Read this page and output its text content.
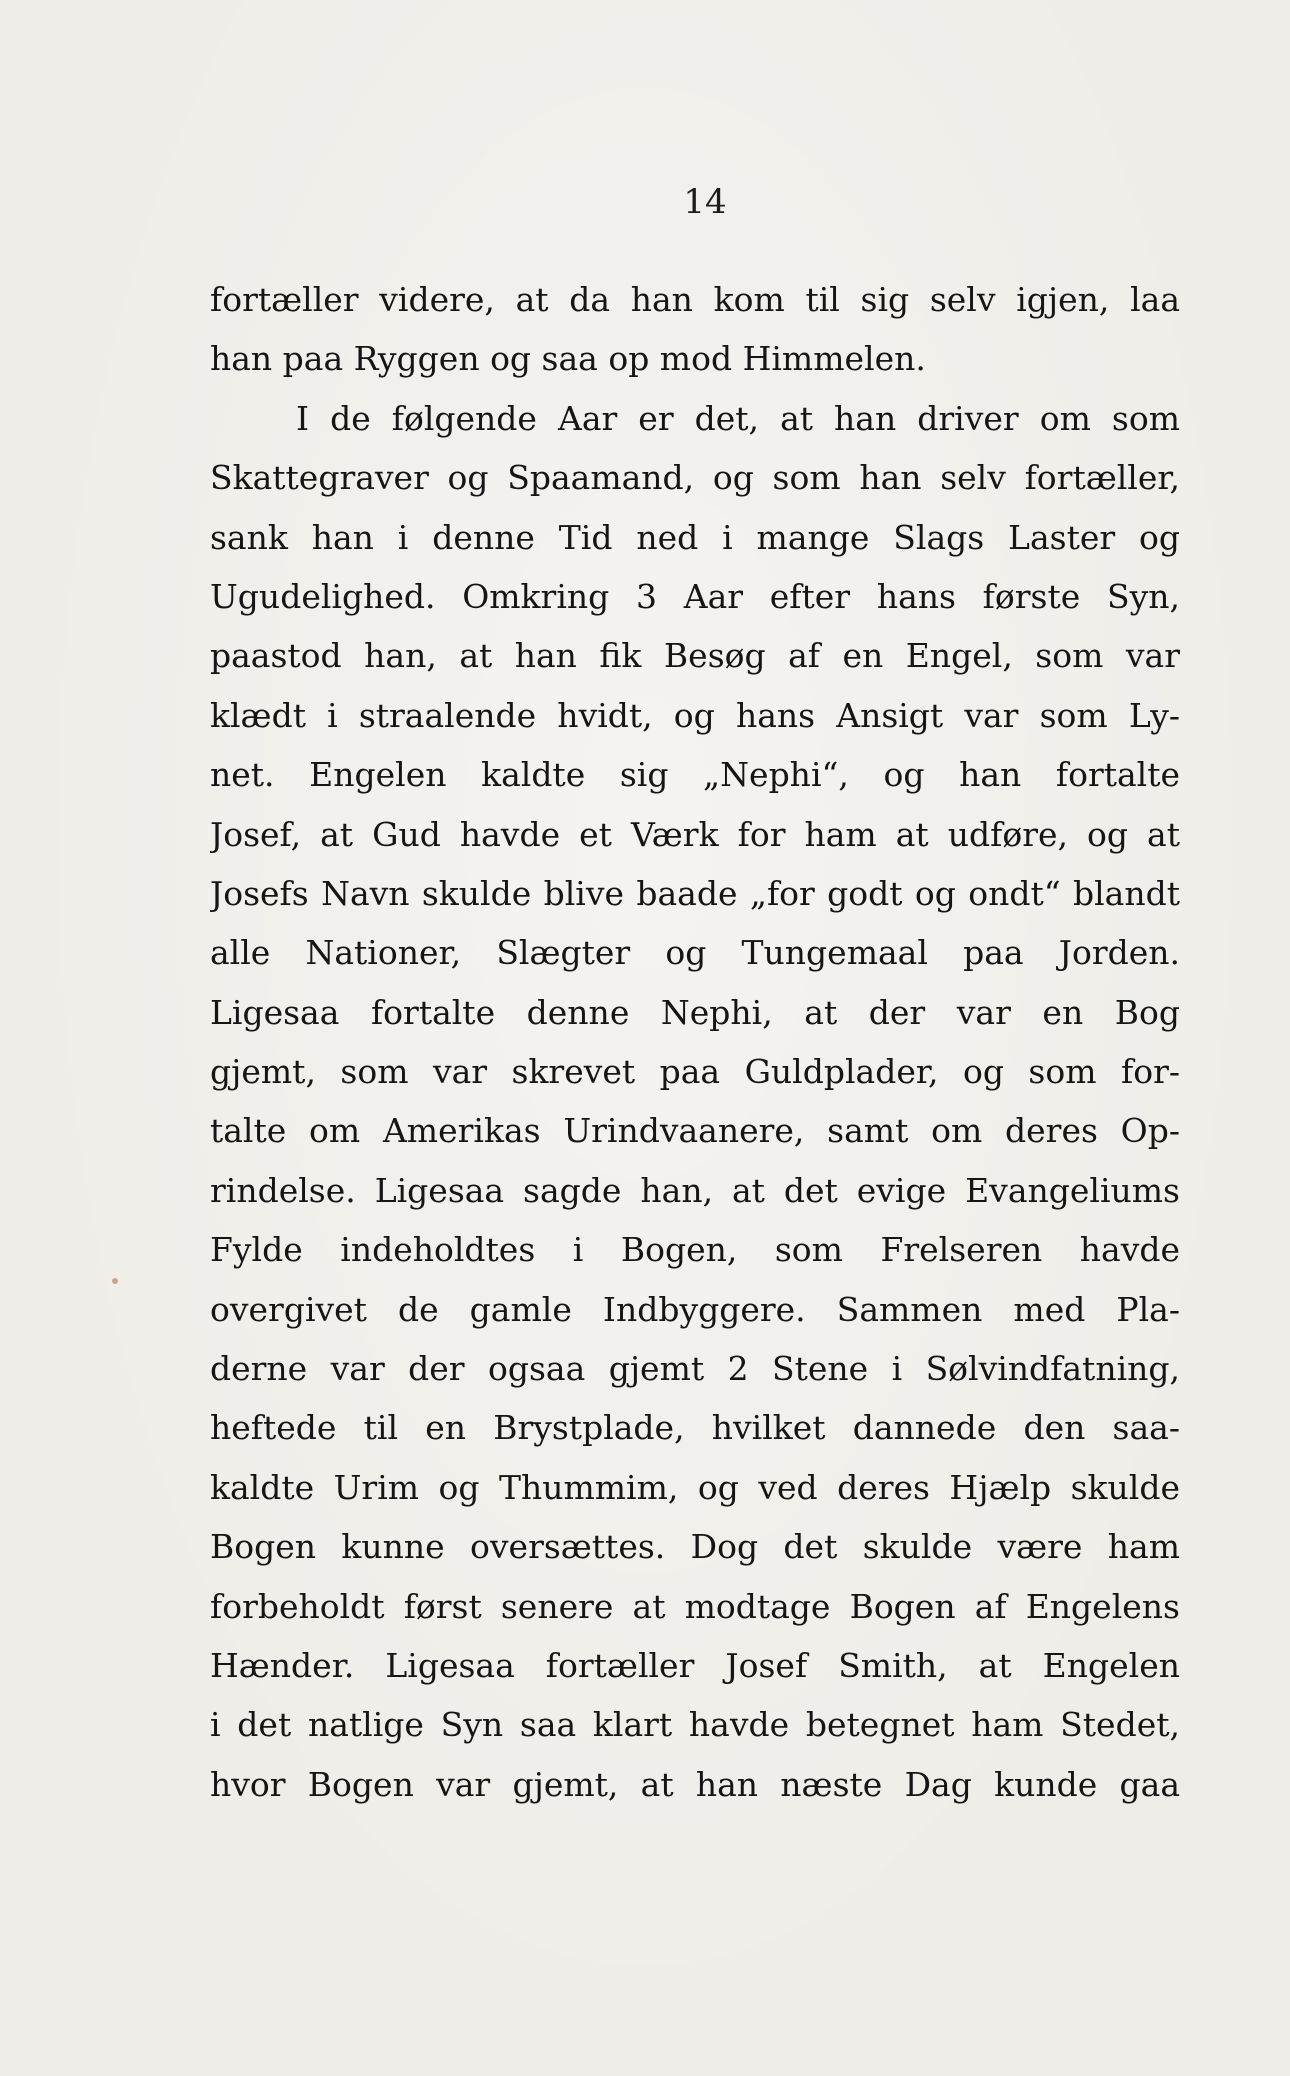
14
fortæller videre, at da han kom til sig selv igjen, laa
han paa Ryggen og saa op mod Himmelen.
I de følgende Aar er det, at han driver om som
Skattegraver og Spaamand, og som han selv fortæller,
sank han i denne Tid ned i mange Slags Laster og
Ugudelighed. Omkring 3 Aar efter hans første Syn,
paastod han, at han fik Besøg af en Engel, som var
klædt i straalende hvidt, og hans Ansigt var som Ly-
net. Engelen kaldte sig „Nephi“, og han fortalte
Josef, at Gud havde et Værk for ham at udføre, og at
Josefs Navn skulde blive baade „for godt og ondt“ blandt
alle Nationer, Slægter og Tungemaal paa Jorden.
Ligesaa fortalte denne Nephi, at der var en Bog
gjemt, som var skrevet paa Guldplader, og som for-
talte om Amerikas Urindvaanere, samt om deres Op-
rindelse. Ligesaa sagde han, at det evige Evangeliums
Fylde indeholdtes i Bogen, som Frelseren havde
overgivet de gamle Indbyggere. Sammen med Pla-
derne var der ogsaa gjemt 2 Stene i Sølvindfatning,
heftede til en Brystplade, hvilket dannede den saa-
kaldte Urim og Thummim, og ved deres Hjælp skulde
Bogen kunne oversættes. Dog det skulde være ham
forbeholdt først senere at modtage Bogen af Engelens
Hænder. Ligesaa fortæller Josef Smith, at Engelen
i det natlige Syn saa klart havde betegnet ham Stedet,
hvor Bogen var gjemt, at han næste Dag kunde gaa
